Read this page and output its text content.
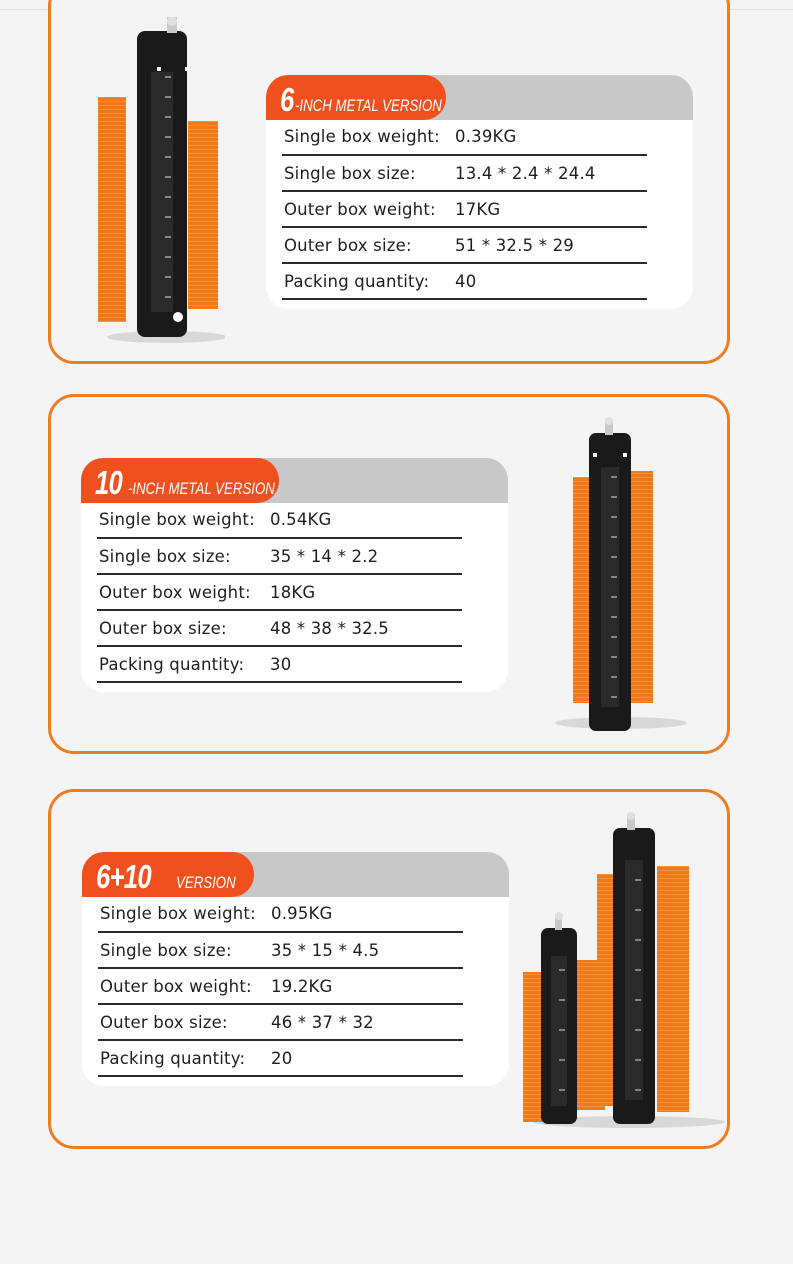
6 -INCH METAL VERSION
Single box weight: 0.39KG
Single box size:	13.4 * 2.4 * 24.4
Outer box weight:	17KG
Outer box size:	51 * 32.5 * 29
Packing quantity:	40
10 -INCH METAL VERSION
Single box weight: 0.54KG
Single box size:	35 * 14 * 2.2
Outer box weight:	18KG
Outer box size:	48 * 38 * 32.5
Packing quantity:	30
6+10 VERSION
Single box weight: 0.95KG
Single box size:	35 * 15 * 4.5
Outer box weight:	19.2KG
Outer box size:	46 * 37 * 32
Packing quantity:	20
